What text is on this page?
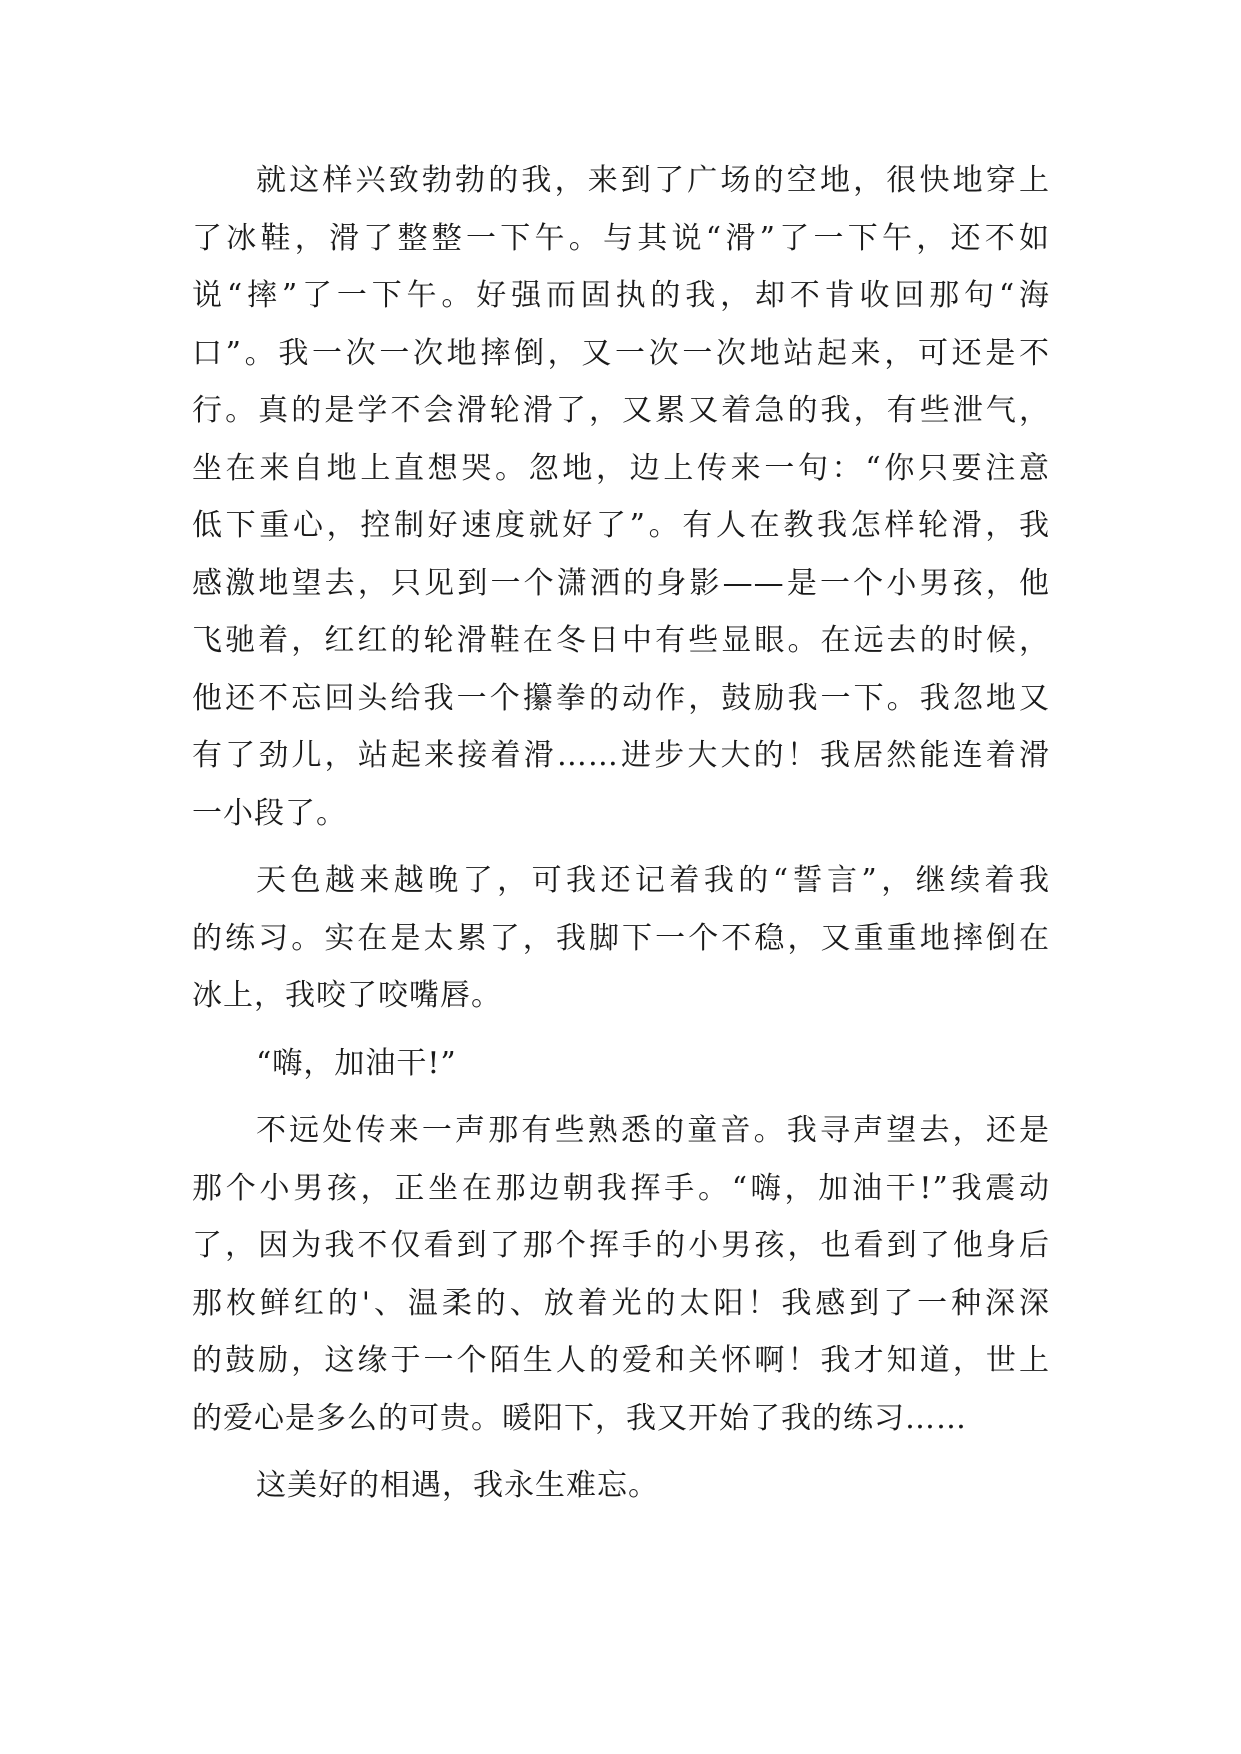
就这样兴致勃勃的我，来到了广场的空地，很快地穿上
了冰鞋，滑了整整一下午。与其说“滑”了一下午，还不如
说“摔”了一下午。好强而固执的我，却不肯收回那句“海
口”。我一次一次地摔倒，又一次一次地站起来，可还是不
行。真的是学不会滑轮滑了，又累又着急的我，有些泄气，
坐在来自地上直想哭。忽地，边上传来一句：“你只要注意
低下重心，控制好速度就好了”。有人在教我怎样轮滑，我
感激地望去，只见到一个潇洒的身影——是一个小男孩，他
飞驰着，红红的轮滑鞋在冬日中有些显眼。在远去的时候，
他还不忘回头给我一个攥拳的动作，鼓励我一下。我忽地又
有了劲儿，站起来接着滑……进步大大的！我居然能连着滑
一小段了。
天色越来越晚了，可我还记着我的“誓言”，继续着我
的练习。实在是太累了，我脚下一个不稳，又重重地摔倒在
冰上，我咬了咬嘴唇。
“嗨，加油干!”
不远处传来一声那有些熟悉的童音。我寻声望去，还是
那个小男孩，正坐在那边朝我挥手。“嗨，加油干!”我震动
了，因为我不仅看到了那个挥手的小男孩，也看到了他身后
那枚鲜红的'、温柔的、放着光的太阳！我感到了一种深深
的鼓励，这缘于一个陌生人的爱和关怀啊！我才知道，世上
的爱心是多么的可贵。暖阳下，我又开始了我的练习……
这美好的相遇，我永生难忘。
